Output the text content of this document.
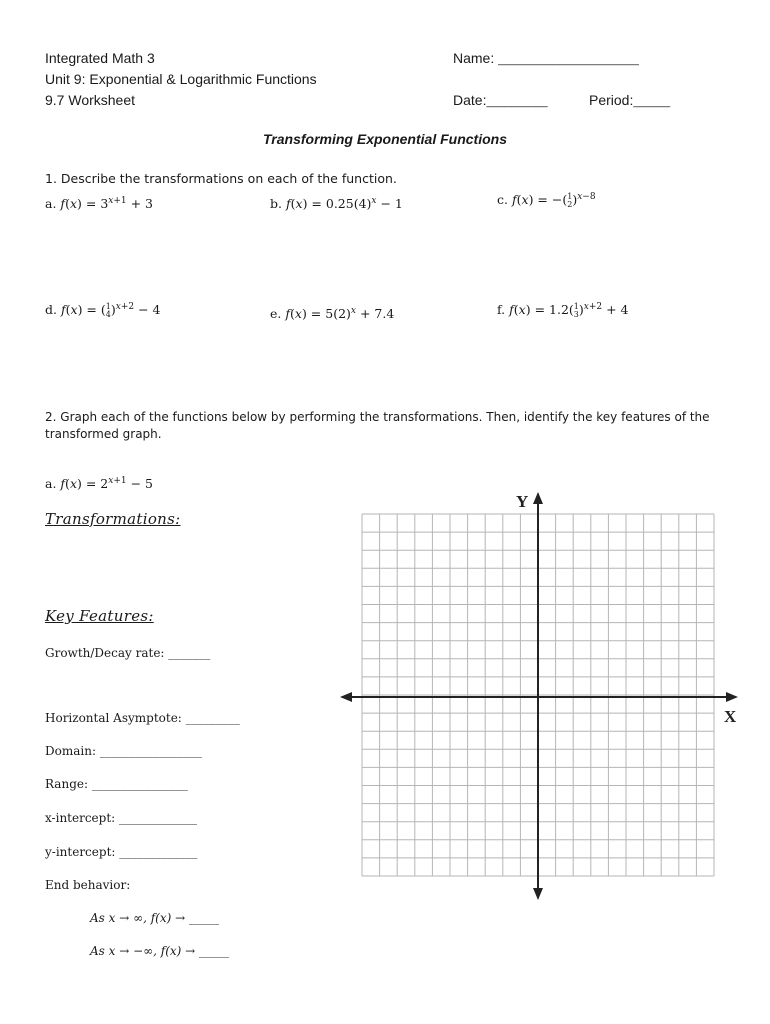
Integrated Math 3
Unit 9: Exponential & Logarithmic Functions
9.7 Worksheet
Name: _______________________
Date:__________	Period:______
Transforming Exponential Functions
1. Describe the transformations on each of the function.
a. $f(x) = 3^{x+1} + 3$	b. $f(x) = 0.25(4)^x - 1$	c. f(x) = −(1
2)$^{x-8}$
d. f(x) = (1
4)$^{x+2}$ − 4	e. $f(x) = 5(2)^x + 7.4$	f. f(x) = 1.2(1
3)$^{x+2}$ + 4
2. Graph each of the functions below by performing the transformations. Then, identify the key features of the
transformed graph.
a. $f(x) = 2^{x+1} - 5$
Transformations:
Key Features:
Growth/Decay rate: _______
Horizontal Asymptote: _________
Domain: _________________
Range: ________________
x-intercept: _____________
y-intercept: _____________
End behavior:
As x → ∞, f(x) → _____
As x → −∞, f(x) → _____
Y
X
